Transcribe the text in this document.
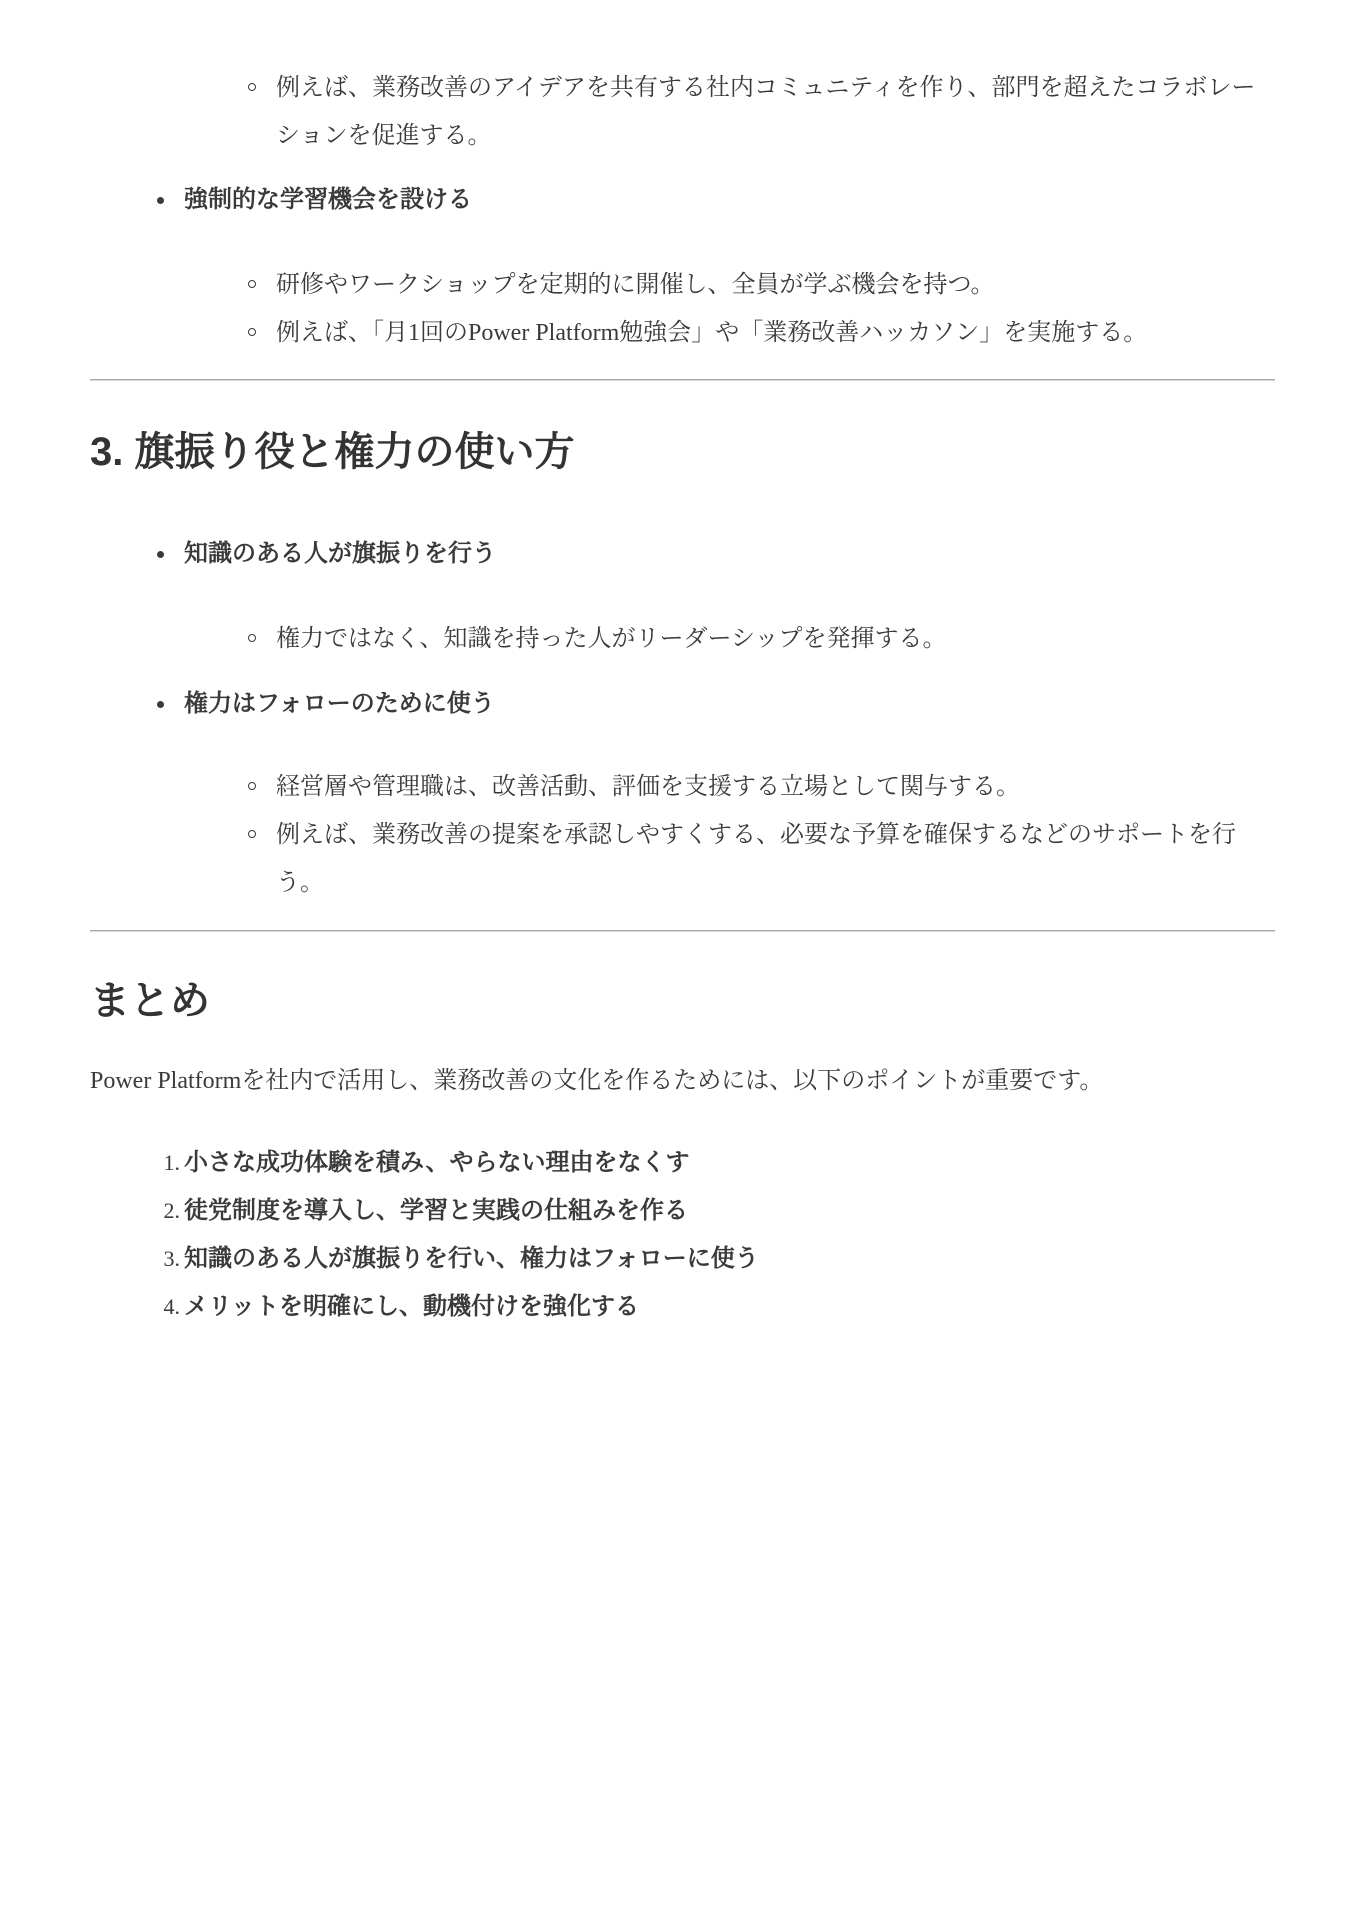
例えば、業務改善のアイデアを共有する社内コミュニティを作り、部門を超えたコラボレーションを促進する。
強制的な学習機会を設ける
研修やワークショップを定期的に開催し、全員が学ぶ機会を持つ。
例えば、「月1回のPower Platform勉強会」や「業務改善ハッカソン」を実施する。
3. 旗振り役と権力の使い方
知識のある人が旗振りを行う
権力ではなく、知識を持った人がリーダーシップを発揮する。
権力はフォローのために使う
経営層や管理職は、改善活動、評価を支援する立場として関与する。
例えば、業務改善の提案を承認しやすくする、必要な予算を確保するなどのサポートを行う。
まとめ

Power Platformを社内で活用し、業務改善の文化を作るためには、以下のポイントが重要です。

1. 小さな成功体験を積み、やらない理由をなくす
2. 徒党制度を導入し、学習と実践の仕組みを作る
3. 知識のある人が旗振りを行い、権力はフォローに使う
4. メリットを明確にし、動機付けを強化する
